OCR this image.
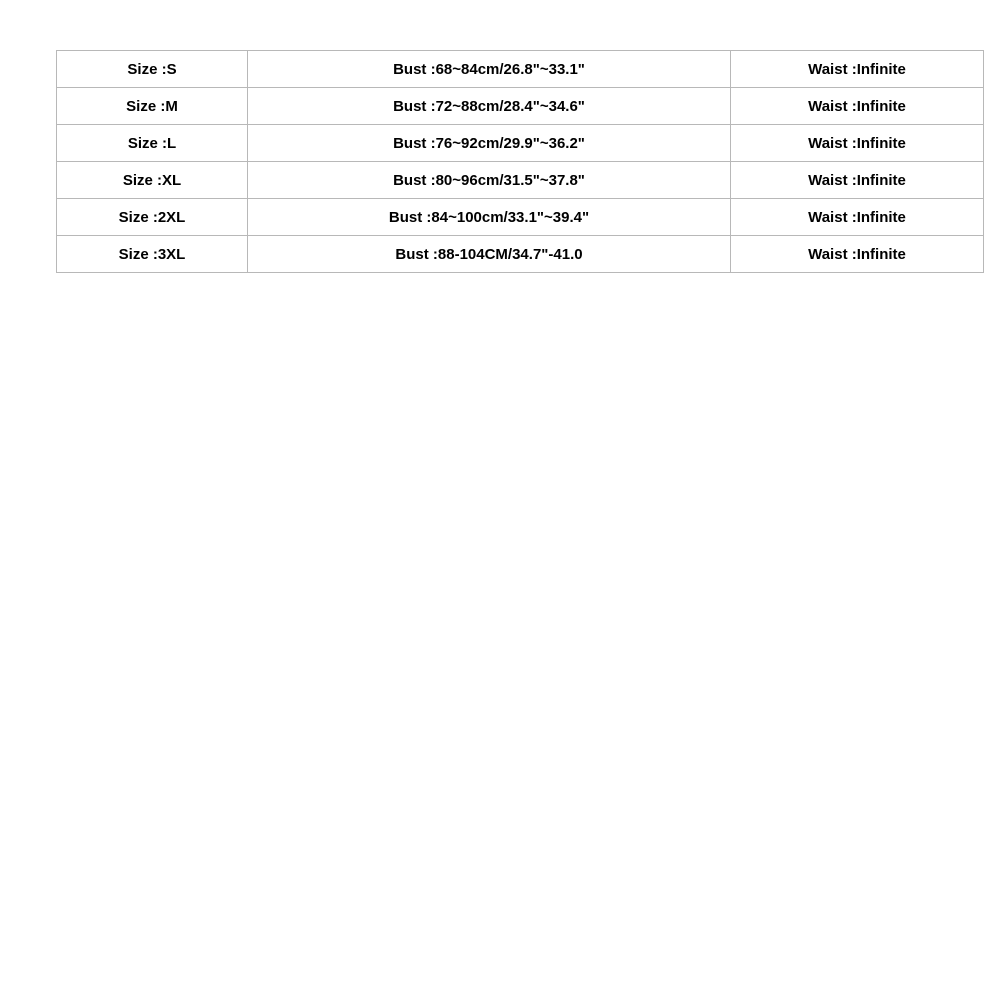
Size :S	Bust :68~84cm/26.8"~33.1"	Waist :Infinite
Size :M	Bust :72~88cm/28.4"~34.6"	Waist :Infinite
Size :L	Bust :76~92cm/29.9"~36.2"	Waist :Infinite
Size :XL	Bust :80~96cm/31.5"~37.8"	Waist :Infinite
Size :2XL	Bust :84~100cm/33.1"~39.4"	Waist :Infinite
Size :3XL	Bust :88-104CM/34.7"-41.0	Waist :Infinite
